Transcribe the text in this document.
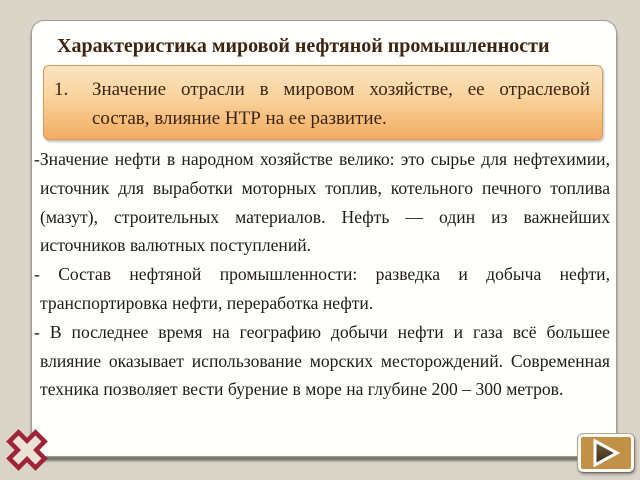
Характеристика мировой нефтяной промышленности
1.	Значение отрасли в мировом хозяйстве, ее отраслевой состав, влияние НТР на ее развитие.

-Значение нефти в народном хозяйстве велико: это сырье для нефтехимии, источник для выработки моторных топлив, котельного печного топлива (мазут), строительных материалов. Нефть — один из важнейших источников валютных поступлений.

- Состав нефтяной промышленности: разведка и добыча нефти, транспортировка нефти, переработка нефти.

- В последнее время на географию добычи нефти и газа всё большее влияние оказывает использование морских месторождений. Современная техника позволяет вести бурение в море на глубине 200 – 300 метров.
